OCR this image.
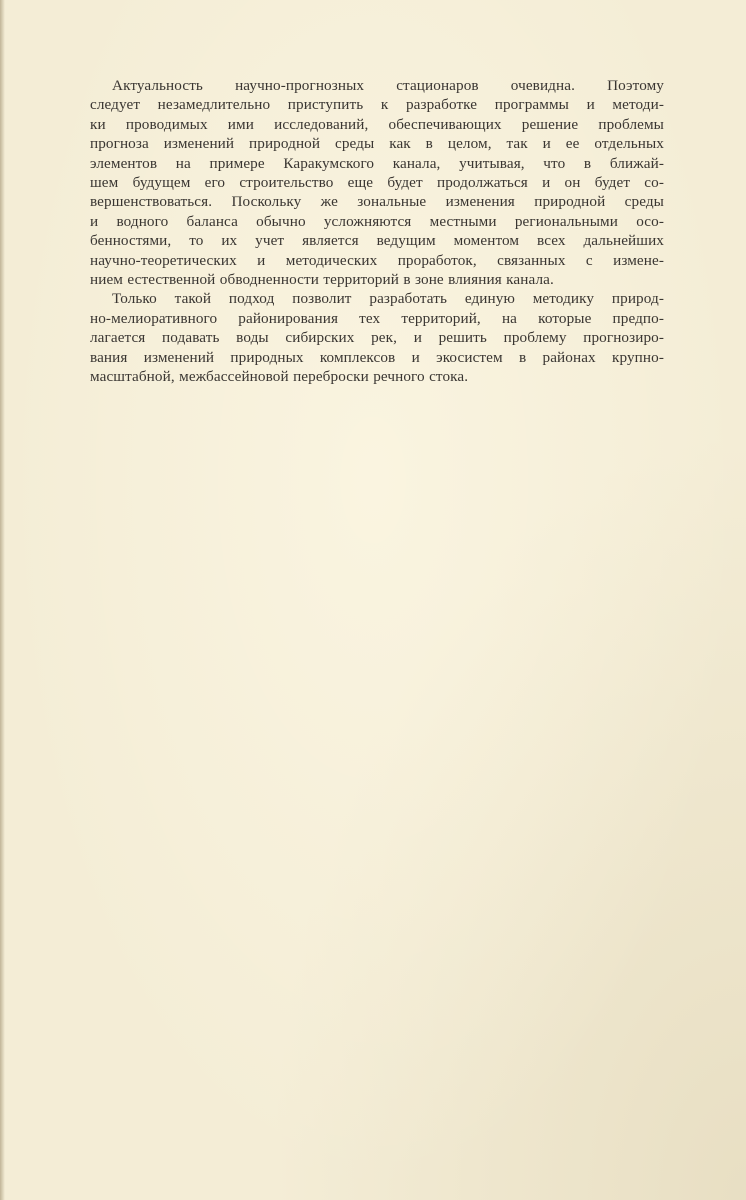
Актуальность научно-прогнозных стационаров очевидна. Поэтому
следует незамедлительно приступить к разработке программы и методи-
ки проводимых ими исследований, обеспечивающих решение проблемы
прогноза изменений природной среды как в целом, так и ее отдельных
элементов на примере Каракумского канала, учитывая, что в ближай-
шем будущем его строительство еще будет продолжаться и он будет со-
вершенствоваться. Поскольку же зональные изменения природной среды
и водного баланса обычно усложняются местными региональными осо-
бенностями, то их учет является ведущим моментом всех дальнейших
научно-теоретических и методических проработок, связанных с измене-
нием естественной обводненности территорий в зоне влияния канала.
Только такой подход позволит разработать единую методику природ-
но-мелиоративного районирования тех территорий, на которые предпо-
лагается подавать воды сибирских рек, и решить проблему прогнозиро-
вания изменений природных комплексов и экосистем в районах крупно-
масштабной, межбассейновой переброски речного стока.
